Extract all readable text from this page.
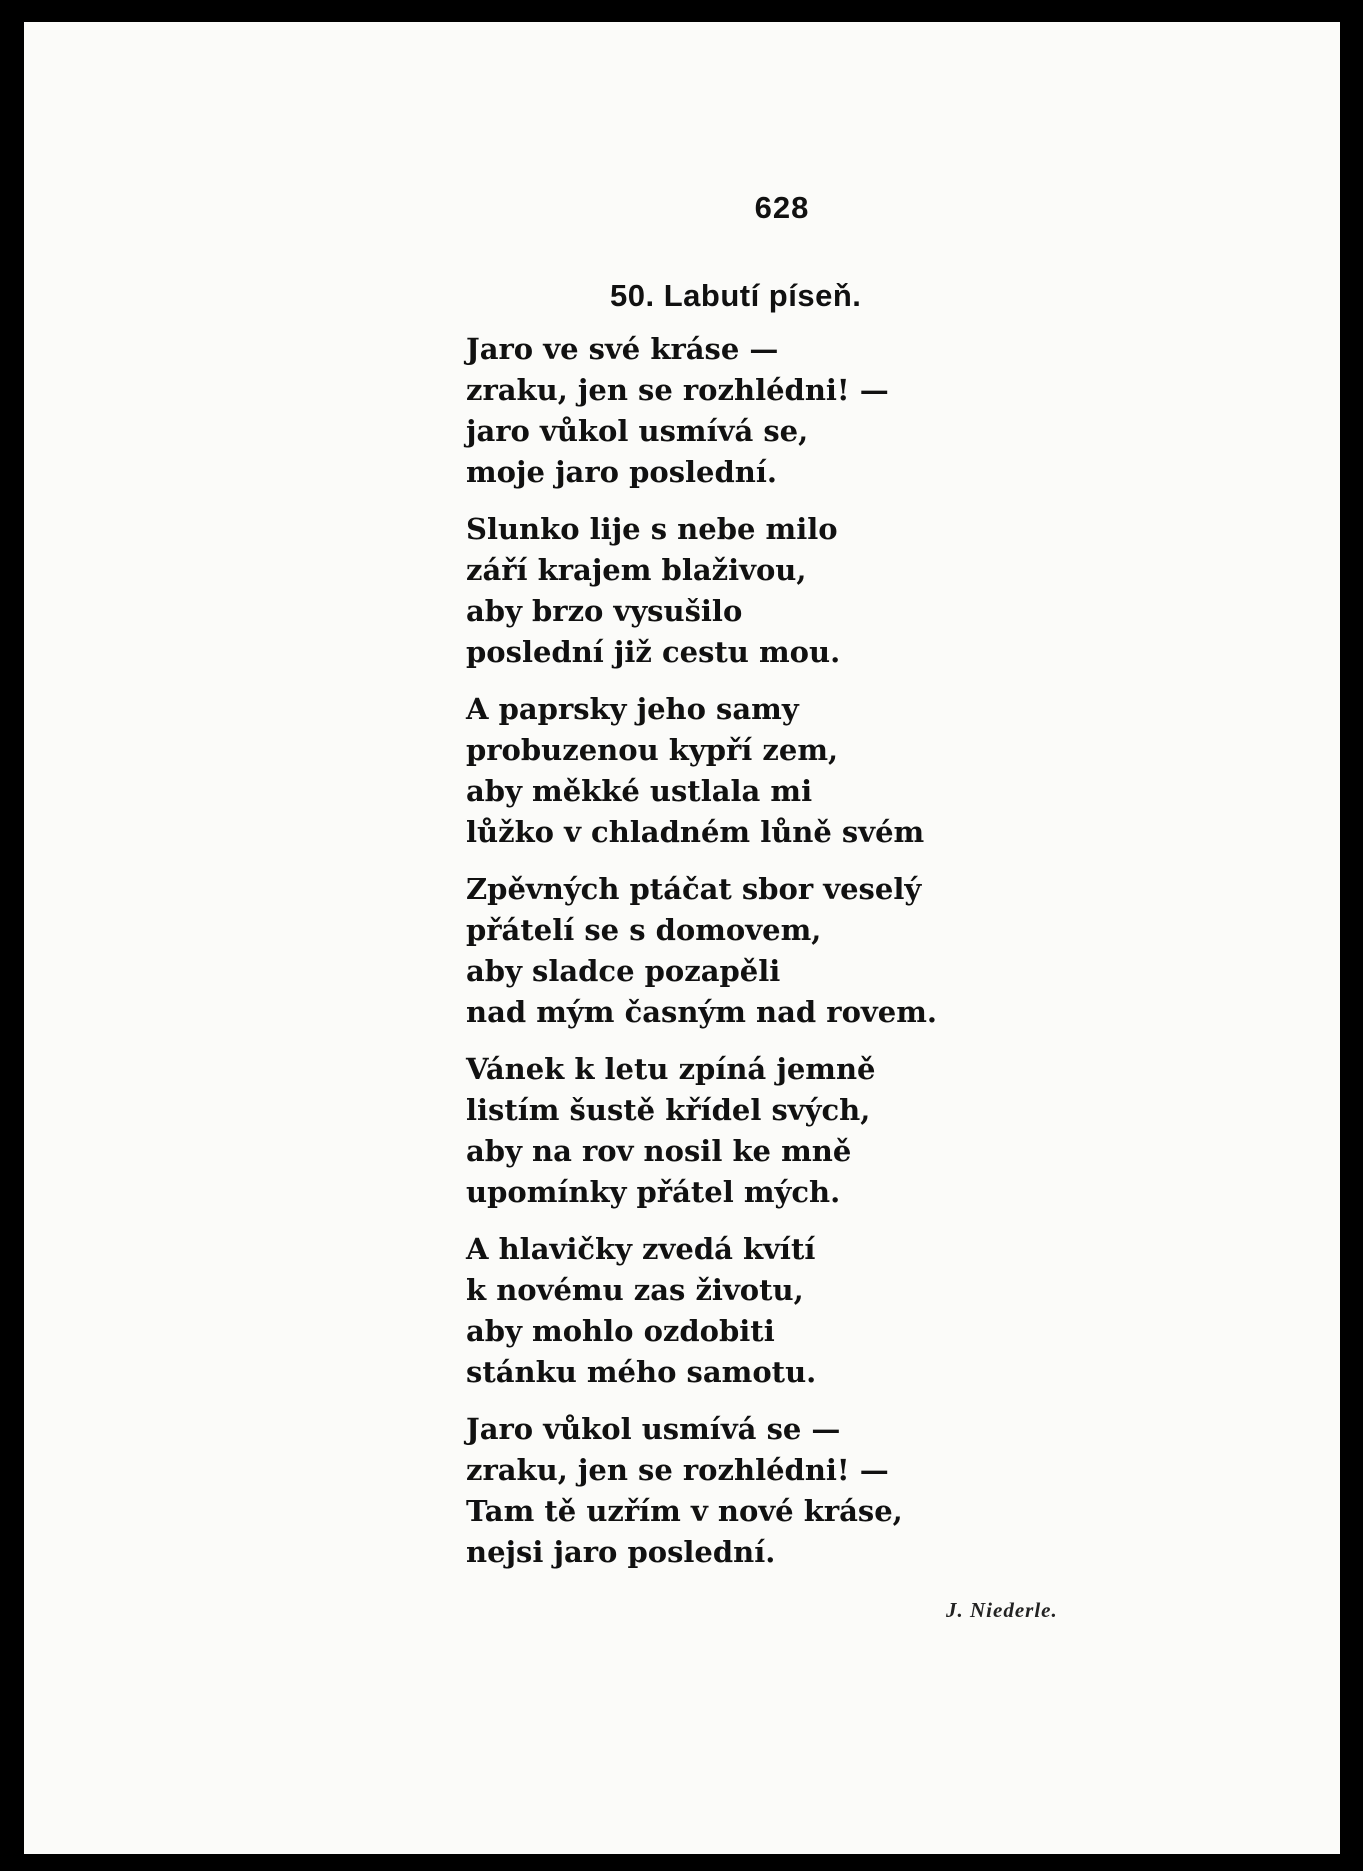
628
50. Labutí píseň.
Jaro ve své kráse —
zraku, jen se rozhlédni! —
jaro vůkol usmívá se,
moje jaro poslední.
Slunko lije s nebe milo
září krajem blaživou,
aby brzo vysušilo
poslední již cestu mou.
A paprsky jeho samy
probuzenou kypří zem,
aby měkké ustlala mi
lůžko v chladném lůně svém
Zpěvných ptáčat sbor veselý
přátelí se s domovem,
aby sladce pozapěli
nad mým časným nad rovem.
Vánek k letu zpíná jemně
listím šustě křídel svých,
aby na rov nosil ke mně
upomínky přátel mých.
A hlavičky zvedá kvítí
k novému zas životu,
aby mohlo ozdobiti
stánku mého samotu.
Jaro vůkol usmívá se —
zraku, jen se rozhlédni! —
Tam tě uzřím v nové kráse,
nejsi jaro poslední.
J. Niederle.
